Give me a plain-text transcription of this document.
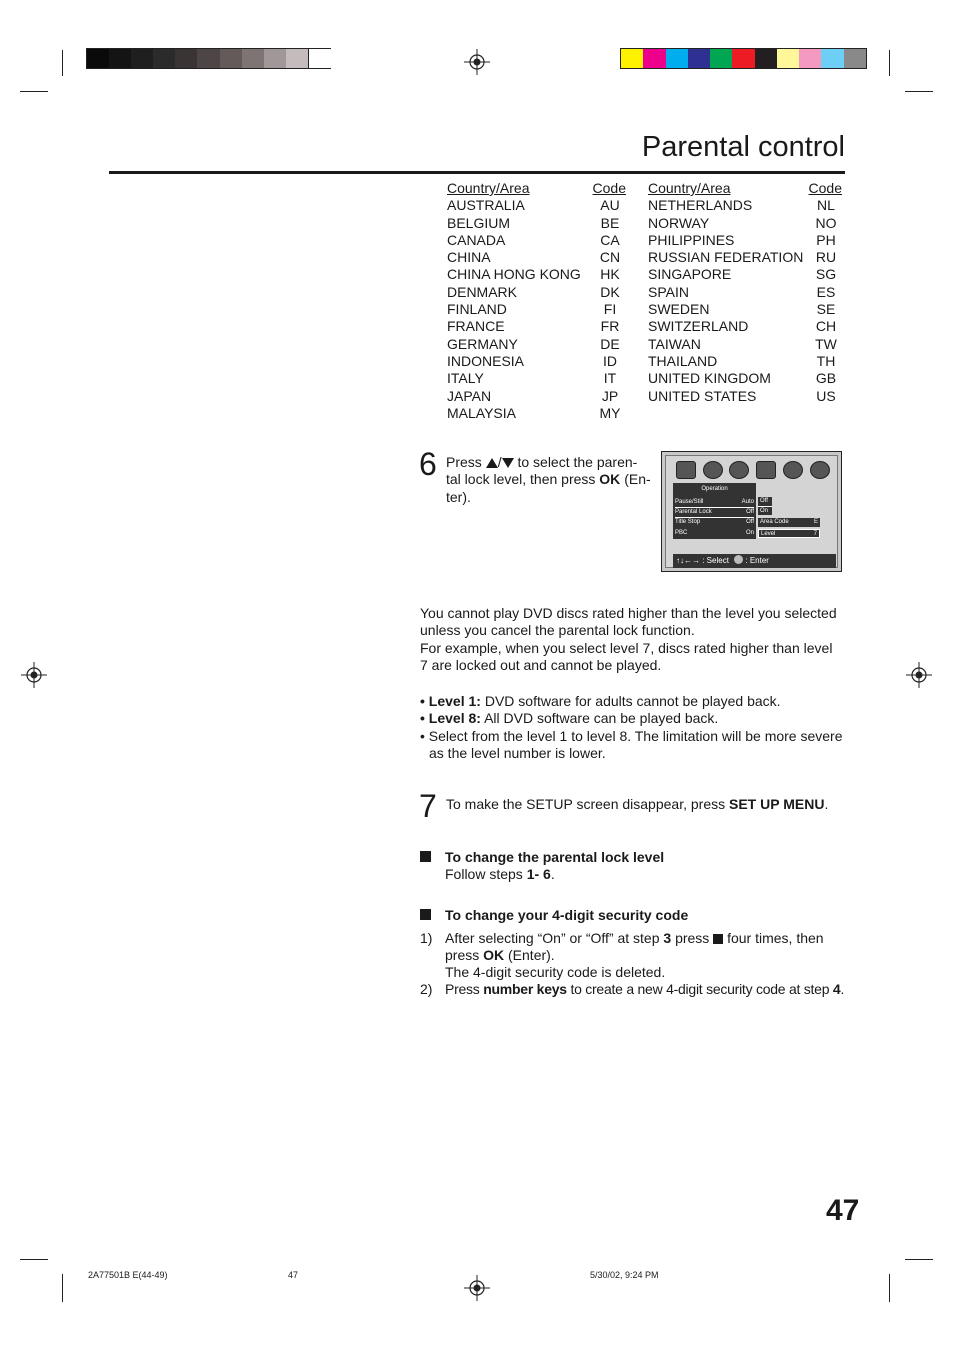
Parental control
Country/Area	Code
AUSTRALIA	AU
BELGIUM	BE
CANADA	CA
CHINA	CN
CHINA HONG KONG	HK
DENMARK	DK
FINLAND	FI
FRANCE	FR
GERMANY	DE
INDONESIA	ID
ITALY	IT
JAPAN	JP
MALAYSIA	MY
Country/Area	Code
NETHERLANDS	NL
NORWAY	NO
PHILIPPINES	PH
RUSSIAN FEDERATION RU
SINGAPORE	SG
SPAIN	ES
SWEDEN	SE
SWITZERLAND	CH
TAIWAN	TW
THAILAND	TH
UNITED KINGDOM	GB
UNITED STATES	US
6 Press / to select the paren-
tal lock level, then press OK (En-
ter).	Operation
Pause/Still	Auto
Parental Lock	Off
Title Stop	Off
PBC	On
Off
On
Area Code	E
Level	7
↑↓←→ : Select : Enter
You cannot play DVD discs rated higher than the level you selected
unless you cancel the parental lock function.
For example, when you select level 7, discs rated higher than level
7 are locked out and cannot be played.
• Level 1: DVD software for adults cannot be played back.
• Level 8: All DVD software can be played back.
• Select from the level 1 to level 8. The limitation will be more severe
as the level number is lower.
7 To make the SETUP screen disappear, press SET UP MENU.
To change the parental lock level
Follow steps 1- 6.
To change your 4-digit security code
1) After selecting “On” or “Off” at step 3 press four times, then
press OK (Enter).
The 4-digit security code is deleted.
2) Press number keys to create a new 4-digit security code at step 4.
47
2A77501B E(44-49)	47	5/30/02, 9:24 PM
